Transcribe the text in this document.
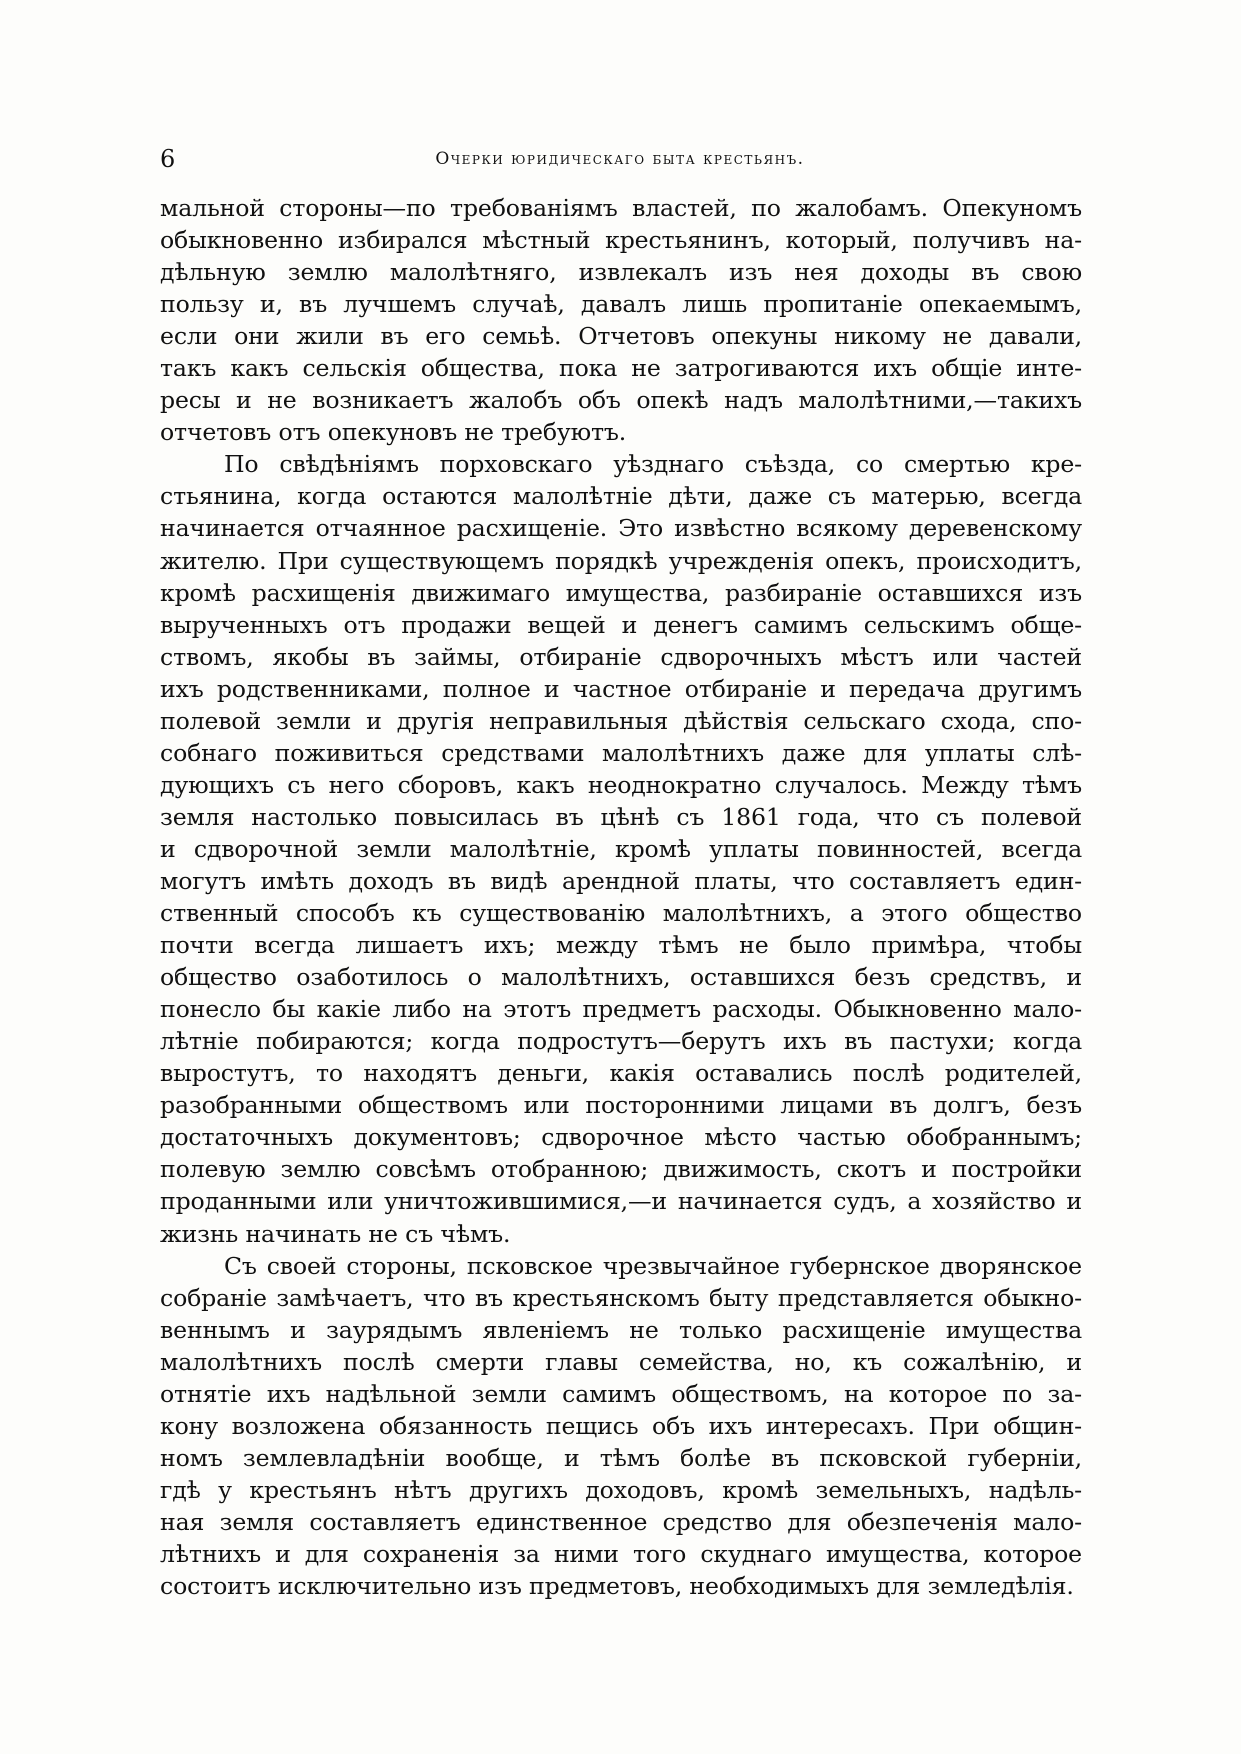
6	Очерки юридическаго быта крестьянъ.
мальной стороны—по требованіямъ властей, по жалобамъ. Опекуномъ
обыкновенно избирался мѣстный крестьянинъ, который, получивъ на-
дѣльную землю малолѣтняго, извлекалъ изъ нея доходы въ свою
пользу и, въ лучшемъ случаѣ, давалъ лишь пропитаніе опекаемымъ,
если они жили въ его семьѣ. Отчетовъ опекуны никому не давали,
такъ какъ сельскія общества, пока не затрогиваются ихъ общіе инте-
ресы и не возникаетъ жалобъ объ опекѣ надъ малолѣтними,—такихъ
отчетовъ отъ опекуновъ не требуютъ.
По свѣдѣніямъ порховскаго уѣзднаго съѣзда, со смертью кре-
стьянина, когда остаются малолѣтніе дѣти, даже съ матерью, всегда
начинается отчаянное расхищеніе. Это извѣстно всякому деревенскому
жителю. При существующемъ порядкѣ учрежденія опекъ, происходитъ,
кромѣ расхищенія движимаго имущества, разбираніе оставшихся изъ
вырученныхъ отъ продажи вещей и денегъ самимъ сельскимъ обще-
ствомъ, якобы въ займы, отбираніе сдворочныхъ мѣстъ или частей
ихъ родственниками, полное и частное отбираніе и передача другимъ
полевой земли и другія неправильныя дѣйствія сельскаго схода, спо-
собнаго поживиться средствами малолѣтнихъ даже для уплаты слѣ-
дующихъ съ него сборовъ, какъ неоднократно случалось. Между тѣмъ
земля настолько повысилась въ цѣнѣ съ 1861 года, что съ полевой
и сдворочной земли малолѣтніе, кромѣ уплаты повинностей, всегда
могутъ имѣть доходъ въ видѣ арендной платы, что составляетъ един-
ственный способъ къ существованію малолѣтнихъ, а этого общество
почти всегда лишаетъ ихъ; между тѣмъ не было примѣра, чтобы
общество озаботилось о малолѣтнихъ, оставшихся безъ средствъ, и
понесло бы какіе либо на этотъ предметъ расходы. Обыкновенно мало-
лѣтніе побираются; когда подростутъ—берутъ ихъ въ пастухи; когда
выростутъ, то находятъ деньги, какія оставались послѣ родителей,
разобранными обществомъ или посторонними лицами въ долгъ, безъ
достаточныхъ документовъ; сдворочное мѣсто частью обобраннымъ;
полевую землю совсѣмъ отобранною; движимость, скотъ и постройки
проданными или уничтожившимися,—и начинается судъ, а хозяйство и
жизнь начинать не съ чѣмъ.
Съ своей стороны, псковское чрезвычайное губернское дворянское
собраніе замѣчаетъ, что въ крестьянскомъ быту представляется обыкно-
веннымъ и заурядымъ явленіемъ не только расхищеніе имущества
малолѣтнихъ послѣ смерти главы семейства, но, къ сожалѣнію, и
отнятіе ихъ надѣльной земли самимъ обществомъ, на которое по за-
кону возложена обязанность пещись объ ихъ интересахъ. При общин-
номъ землевладѣніи вообще, и тѣмъ болѣе въ псковской губерніи,
гдѣ у крестьянъ нѣтъ другихъ доходовъ, кромѣ земельныхъ, надѣль-
ная земля составляетъ единственное средство для обезпеченія мало-
лѣтнихъ и для сохраненія за ними того скуднаго имущества, которое
состоитъ исключительно изъ предметовъ, необходимыхъ для земледѣлія.
